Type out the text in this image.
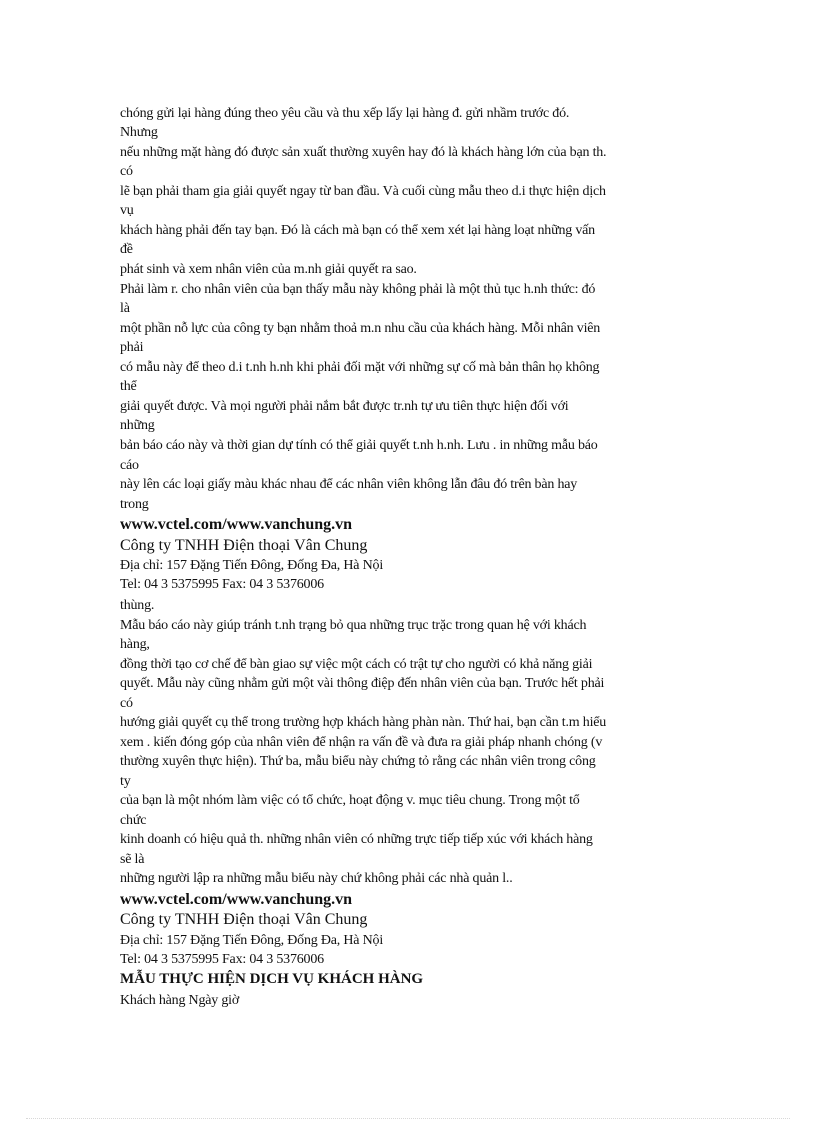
chóng gửi lại hàng đúng theo yêu cầu và thu xếp lấy lại hàng đ. gửi nhầm trước đó.
Nhưng
nếu những mặt hàng đó được sản xuất thường xuyên hay đó là khách hàng lớn của bạn th.
có
lẽ bạn phải tham gia giải quyết ngay từ ban đầu. Và cuối cùng mẫu theo d.i thực hiện dịch
vụ
khách hàng phải đến tay bạn. Đó là cách mà bạn có thể xem xét lại hàng loạt những vấn
đề
phát sinh và xem nhân viên của m.nh giải quyết ra sao.
Phải làm r. cho nhân viên của bạn thấy mẫu này không phải là một thủ tục h.nh thức: đó
là
một phần nỗ lực của công ty bạn nhằm thoả m.n nhu cầu của khách hàng. Mỗi nhân viên
phải
có mẫu này để theo d.i t.nh h.nh khi phải đối mặt với những sự cố mà bản thân họ không
thể
giải quyết được. Và mọi người phải nắm bắt được tr.nh tự ưu tiên thực hiện đối với
những
bản báo cáo này và thời gian dự tính có thể giải quyết t.nh h.nh. Lưu . in những mẫu báo
cáo
này lên các loại giấy màu khác nhau để các nhân viên không lẫn đâu đó trên bàn hay
trong
www.vctel.com/www.vanchung.vn
Công ty TNHH Điện thoại Vân Chung
Địa chỉ: 157 Đặng Tiến Đông, Đống Đa, Hà Nội
Tel: 04 3 5375995 Fax: 04 3 5376006
thùng.
Mẫu báo cáo này giúp tránh t.nh trạng bỏ qua những trục trặc trong quan hệ với khách
hàng,
đồng thời tạo cơ chế để bàn giao sự việc một cách có trật tự cho người có khả năng giải
quyết. Mẫu này cũng nhằm gửi một vài thông điệp đến nhân viên của bạn. Trước hết phải
có
hướng giải quyết cụ thể trong trường hợp khách hàng phàn nàn. Thứ hai, bạn cần t.m hiểu
xem . kiến đóng góp của nhân viên để nhận ra vấn đề và đưa ra giải pháp nhanh chóng (v
thường xuyên thực hiện). Thứ ba, mẫu biểu này chứng tỏ rằng các nhân viên trong công
ty
của bạn là một nhóm làm việc có tổ chức, hoạt động v. mục tiêu chung. Trong một tổ
chức
kinh doanh có hiệu quả th. những nhân viên có những trực tiếp tiếp xúc với khách hàng
sẽ là
những người lập ra những mẫu biểu này chứ không phải các nhà quản l..
www.vctel.com/www.vanchung.vn
Công ty TNHH Điện thoại Vân Chung
Địa chỉ: 157 Đặng Tiến Đông, Đống Đa, Hà Nội
Tel: 04 3 5375995 Fax: 04 3 5376006
MẪU THỰC HIỆN DỊCH VỤ KHÁCH HÀNG
Khách hàng Ngày giờ
